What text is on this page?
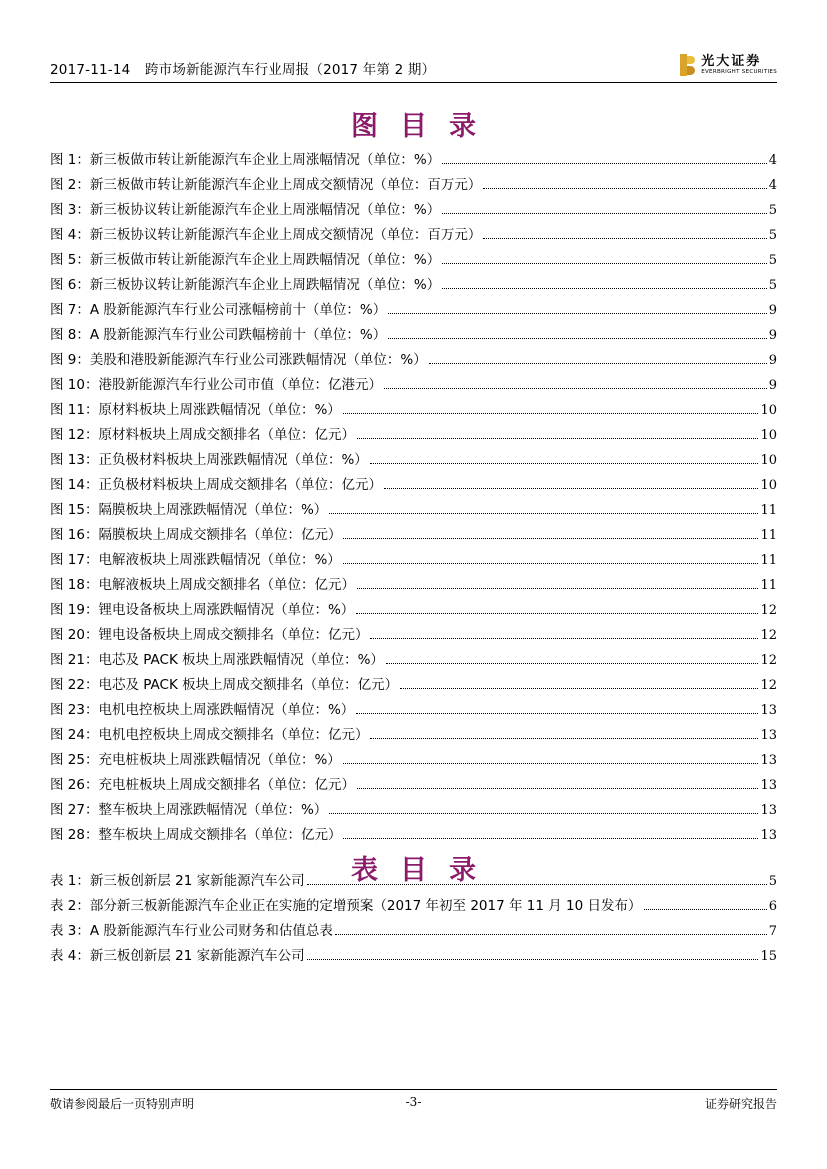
2017-11-14 跨市场新能源汽车行业周报（2017 年第 2 期）
光大证券
EVERBRIGHT SECURITIES
图目录
图 1：新三板做市转让新能源汽车企业上周涨幅情况（单位：%）	4
图 2：新三板做市转让新能源汽车企业上周成交额情况（单位：百万元）	4
图 3：新三板协议转让新能源汽车企业上周涨幅情况（单位：%）	5
图 4：新三板协议转让新能源汽车企业上周成交额情况（单位：百万元）	5
图 5：新三板做市转让新能源汽车企业上周跌幅情况（单位：%）	5
图 6：新三板协议转让新能源汽车企业上周跌幅情况（单位：%）	5
图 7：A 股新能源汽车行业公司涨幅榜前十（单位：%）	9
图 8：A 股新能源汽车行业公司跌幅榜前十（单位：%）	9
图 9：美股和港股新能源汽车行业公司涨跌幅情况（单位：%）	9
图 10：港股新能源汽车行业公司市值（单位：亿港元）	9
图 11：原材料板块上周涨跌幅情况（单位：%）	10
图 12：原材料板块上周成交额排名（单位：亿元）	10
图 13：正负极材料板块上周涨跌幅情况（单位：%）	10
图 14：正负极材料板块上周成交额排名（单位：亿元）	10
图 15：隔膜板块上周涨跌幅情况（单位：%）	11
图 16：隔膜板块上周成交额排名（单位：亿元）	11
图 17：电解液板块上周涨跌幅情况（单位：%）	11
图 18：电解液板块上周成交额排名（单位：亿元）	11
图 19：锂电设备板块上周涨跌幅情况（单位：%）	12
图 20：锂电设备板块上周成交额排名（单位：亿元）	12
图 21：电芯及 PACK 板块上周涨跌幅情况（单位：%）	12
图 22：电芯及 PACK 板块上周成交额排名（单位：亿元）	12
图 23：电机电控板块上周涨跌幅情况（单位：%）	13
图 24：电机电控板块上周成交额排名（单位：亿元）	13
图 25：充电桩板块上周涨跌幅情况（单位：%）	13
图 26：充电桩板块上周成交额排名（单位：亿元）	13
图 27：整车板块上周涨跌幅情况（单位：%）	13
图 28：整车板块上周成交额排名（单位：亿元）	13
表目录
表 1：新三板创新层 21 家新能源汽车公司	5
表 2：部分新三板新能源汽车企业正在实施的定增预案（2017 年初至 2017 年 11 月 10 日发布）	6
表 3：A 股新能源汽车行业公司财务和估值总表	7
表 4：新三板创新层 21 家新能源汽车公司	15
敬请参阅最后一页特别声明	-3-	证券研究报告
